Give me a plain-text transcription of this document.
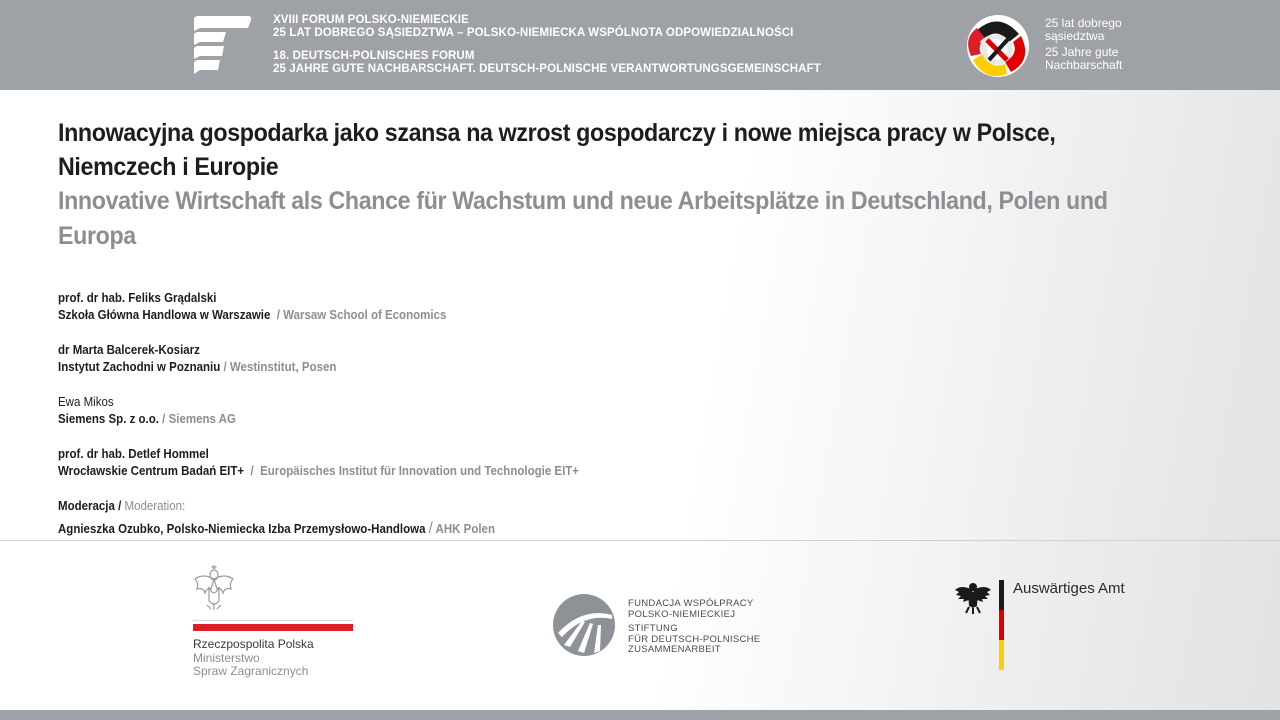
XVIII FORUM POLSKO-NIEMIECKIE
25 LAT DOBREGO SĄSIEDZTWA – POLSKO-NIEMIECKA WSPÓLNOTA ODPOWIEDZIALNOŚCI
18. DEUTSCH-POLNISCHES FORUM
25 JAHRE GUTE NACHBARSCHAFT. DEUTSCH-POLNISCHE VERANTWORTUNGSGEMEINSCHAFT
25 lat dobrego
sąsiedztwa
25 Jahre gute
Nachbarschaft
Innowacyjna gospodarka jako szansa na wzrost gospodarczy i nowe miejsca pracy w Polsce, Niemczech i Europie
Innovative Wirtschaft als Chance für Wachstum und neue Arbeitsplätze in Deutschland, Polen und Europa
prof. dr hab. Feliks Grądalski
Szkoła Główna Handlowa w Warszawie / Warsaw School of Economics
dr Marta Balcerek-Kosiarz
Instytut Zachodni w Poznaniu / Westinstitut, Posen
Ewa Mikos
Siemens Sp. z o.o. / Siemens AG
prof. dr hab. Detlef Hommel
Wrocławskie Centrum Badań EIT+ / Europäisches Institut für Innovation und Technologie EIT+
Moderacja / Moderation:
Agnieszka Ozubko, Polsko-Niemiecka Izba Przemysłowo-Handlowa / AHK Polen
Rzeczpospolita Polska
Ministerstwo
Spraw Zagranicznych
FUNDACJA WSPÓŁPRACY
POLSKO-NIEMIECKIEJ
STIFTUNG
FÜR DEUTSCH-POLNISCHE
ZUSAMMENARBEIT
Auswärtiges Amt
